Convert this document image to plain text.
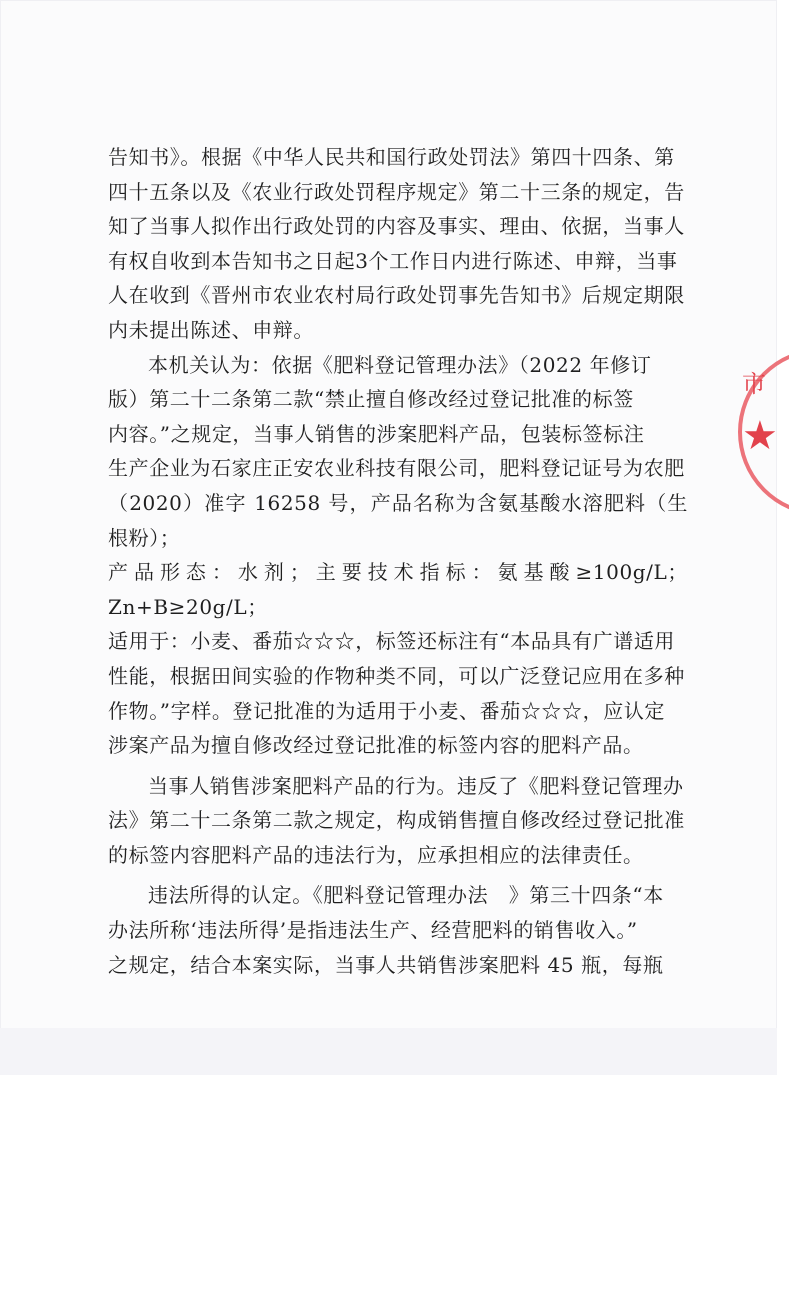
告知书》。根据《中华人民共和国行政处罚法》第四十四条、第

四十五条以及《农业行政处罚程序规定》第二十三条的规定，告

知了当事人拟作出行政处罚的内容及事实、理由、依据，当事人

有权自收到本告知书之日起3个工作日内进行陈述、申辩，当事

人在收到《晋州市农业农村局行政处罚事先告知书》后规定期限

内未提出陈述、申辩。

本机关认为：依据《肥料登记管理办法》（2022 年修订

版）第二十二条第二款“禁止擅自修改经过登记批准的标签

内容。”之规定，当事人销售的涉案肥料产品，包装标签标注

生产企业为石家庄正安农业科技有限公司，肥料登记证号为农肥

（2020）准字 16258 号，产品名称为含氨基酸水溶肥料（生根粉）；

产品形态：水剂；主要技术指标：氨基酸≥100g/L；Zn+B≥20g/L；

适用于：小麦、番茄☆☆☆，标签还标注有“本品具有广谱适用

性能，根据田间实验的作物种类不同，可以广泛登记应用在多种

作物。”字样。登记批准的为适用于小麦、番茄☆☆☆，应认定

涉案产品为擅自修改经过登记批准的标签内容的肥料产品。

当事人销售涉案肥料产品的行为。违反了《肥料登记管理办

法》第二十二条第二款之规定，构成销售擅自修改经过登记批准

的标签内容肥料产品的违法行为，应承担相应的法律责任。

违法所得的认定。《肥料登记管理办法　》第三十四条“本

办法所称‘违法所得’是指违法生产、经营肥料的销售收入。”

之规定，结合本案实际，当事人共销售涉案肥料 45 瓶，每瓶

市
★
